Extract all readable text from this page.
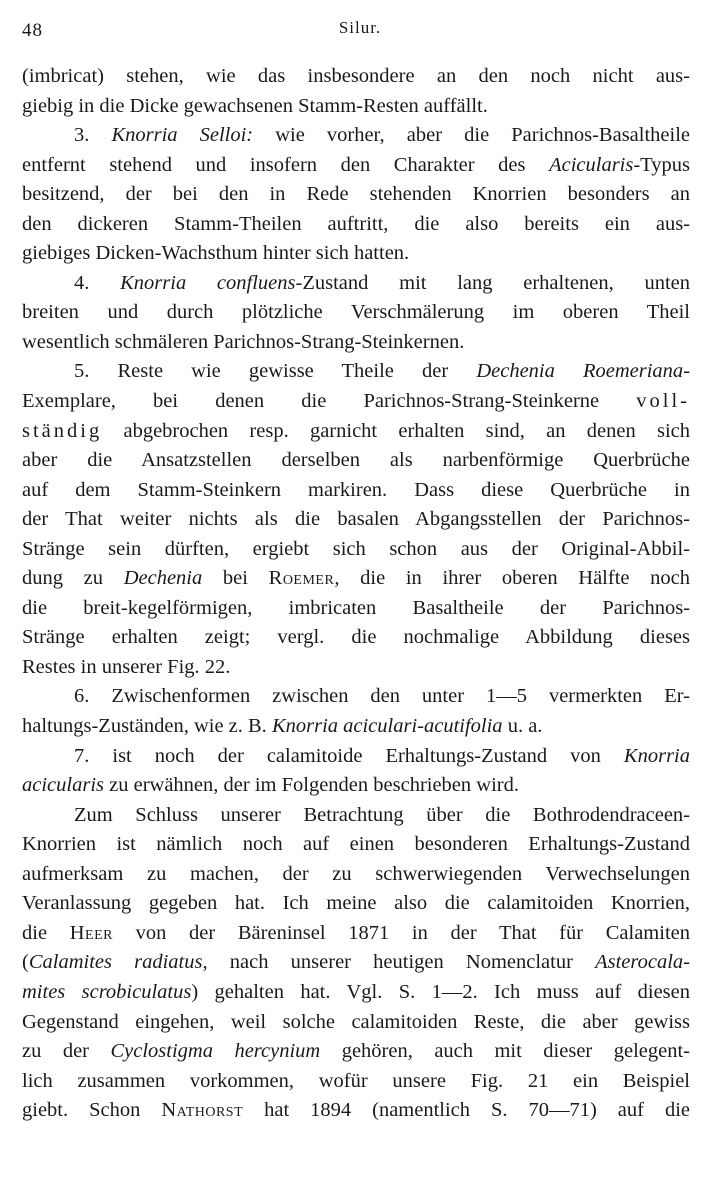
48	Silur.
(imbricat) stehen, wie das insbesondere an den noch nicht aus-
giebig in die Dicke gewachsenen Stamm-Resten auffällt.
3. Knorria Selloi: wie vorher, aber die Parichnos-Basaltheile
entfernt stehend und insofern den Charakter des Acicularis-Typus
besitzend, der bei den in Rede stehenden Knorrien besonders an
den dickeren Stamm-Theilen auftritt, die also bereits ein aus-
giebiges Dicken-Wachsthum hinter sich hatten.
4. Knorria confluens-Zustand mit lang erhaltenen, unten
breiten und durch plötzliche Verschmälerung im oberen Theil
wesentlich schmäleren Parichnos-Strang-Steinkernen.
5. Reste wie gewisse Theile der Dechenia Roemeriana-
Exemplare, bei denen die Parichnos-Strang-Steinkerne voll-
ständig abgebrochen resp. garnicht erhalten sind, an denen sich
aber die Ansatzstellen derselben als narbenförmige Querbrüche
auf dem Stamm-Steinkern markiren. Dass diese Querbrüche in
der That weiter nichts als die basalen Abgangsstellen der Parichnos-
Stränge sein dürften, ergiebt sich schon aus der Original-Abbil-
dung zu Dechenia bei Roemer, die in ihrer oberen Hälfte noch
die breit-kegelförmigen, imbricaten Basaltheile der Parichnos-
Stränge erhalten zeigt; vergl. die nochmalige Abbildung dieses
Restes in unserer Fig. 22.
6. Zwischenformen zwischen den unter 1—5 vermerkten Er-
haltungs-Zuständen, wie z. B. Knorria aciculari-acutifolia u. a.
7. ist noch der calamitoide Erhaltungs-Zustand von Knorria
acicularis zu erwähnen, der im Folgenden beschrieben wird.
Zum Schluss unserer Betrachtung über die Bothrodendraceen-
Knorrien ist nämlich noch auf einen besonderen Erhaltungs-Zustand
aufmerksam zu machen, der zu schwerwiegenden Verwechselungen
Veranlassung gegeben hat. Ich meine also die calamitoiden Knorrien,
die Heer von der Bäreninsel 1871 in der That für Calamiten
(Calamites radiatus, nach unserer heutigen Nomenclatur Asterocala-
mites scrobiculatus) gehalten hat. Vgl. S. 1—2. Ich muss auf diesen
Gegenstand eingehen, weil solche calamitoiden Reste, die aber gewiss
zu der Cyclostigma hercynium gehören, auch mit dieser gelegent-
lich zusammen vorkommen, wofür unsere Fig. 21 ein Beispiel
giebt. Schon Nathorst hat 1894 (namentlich S. 70—71) auf die
